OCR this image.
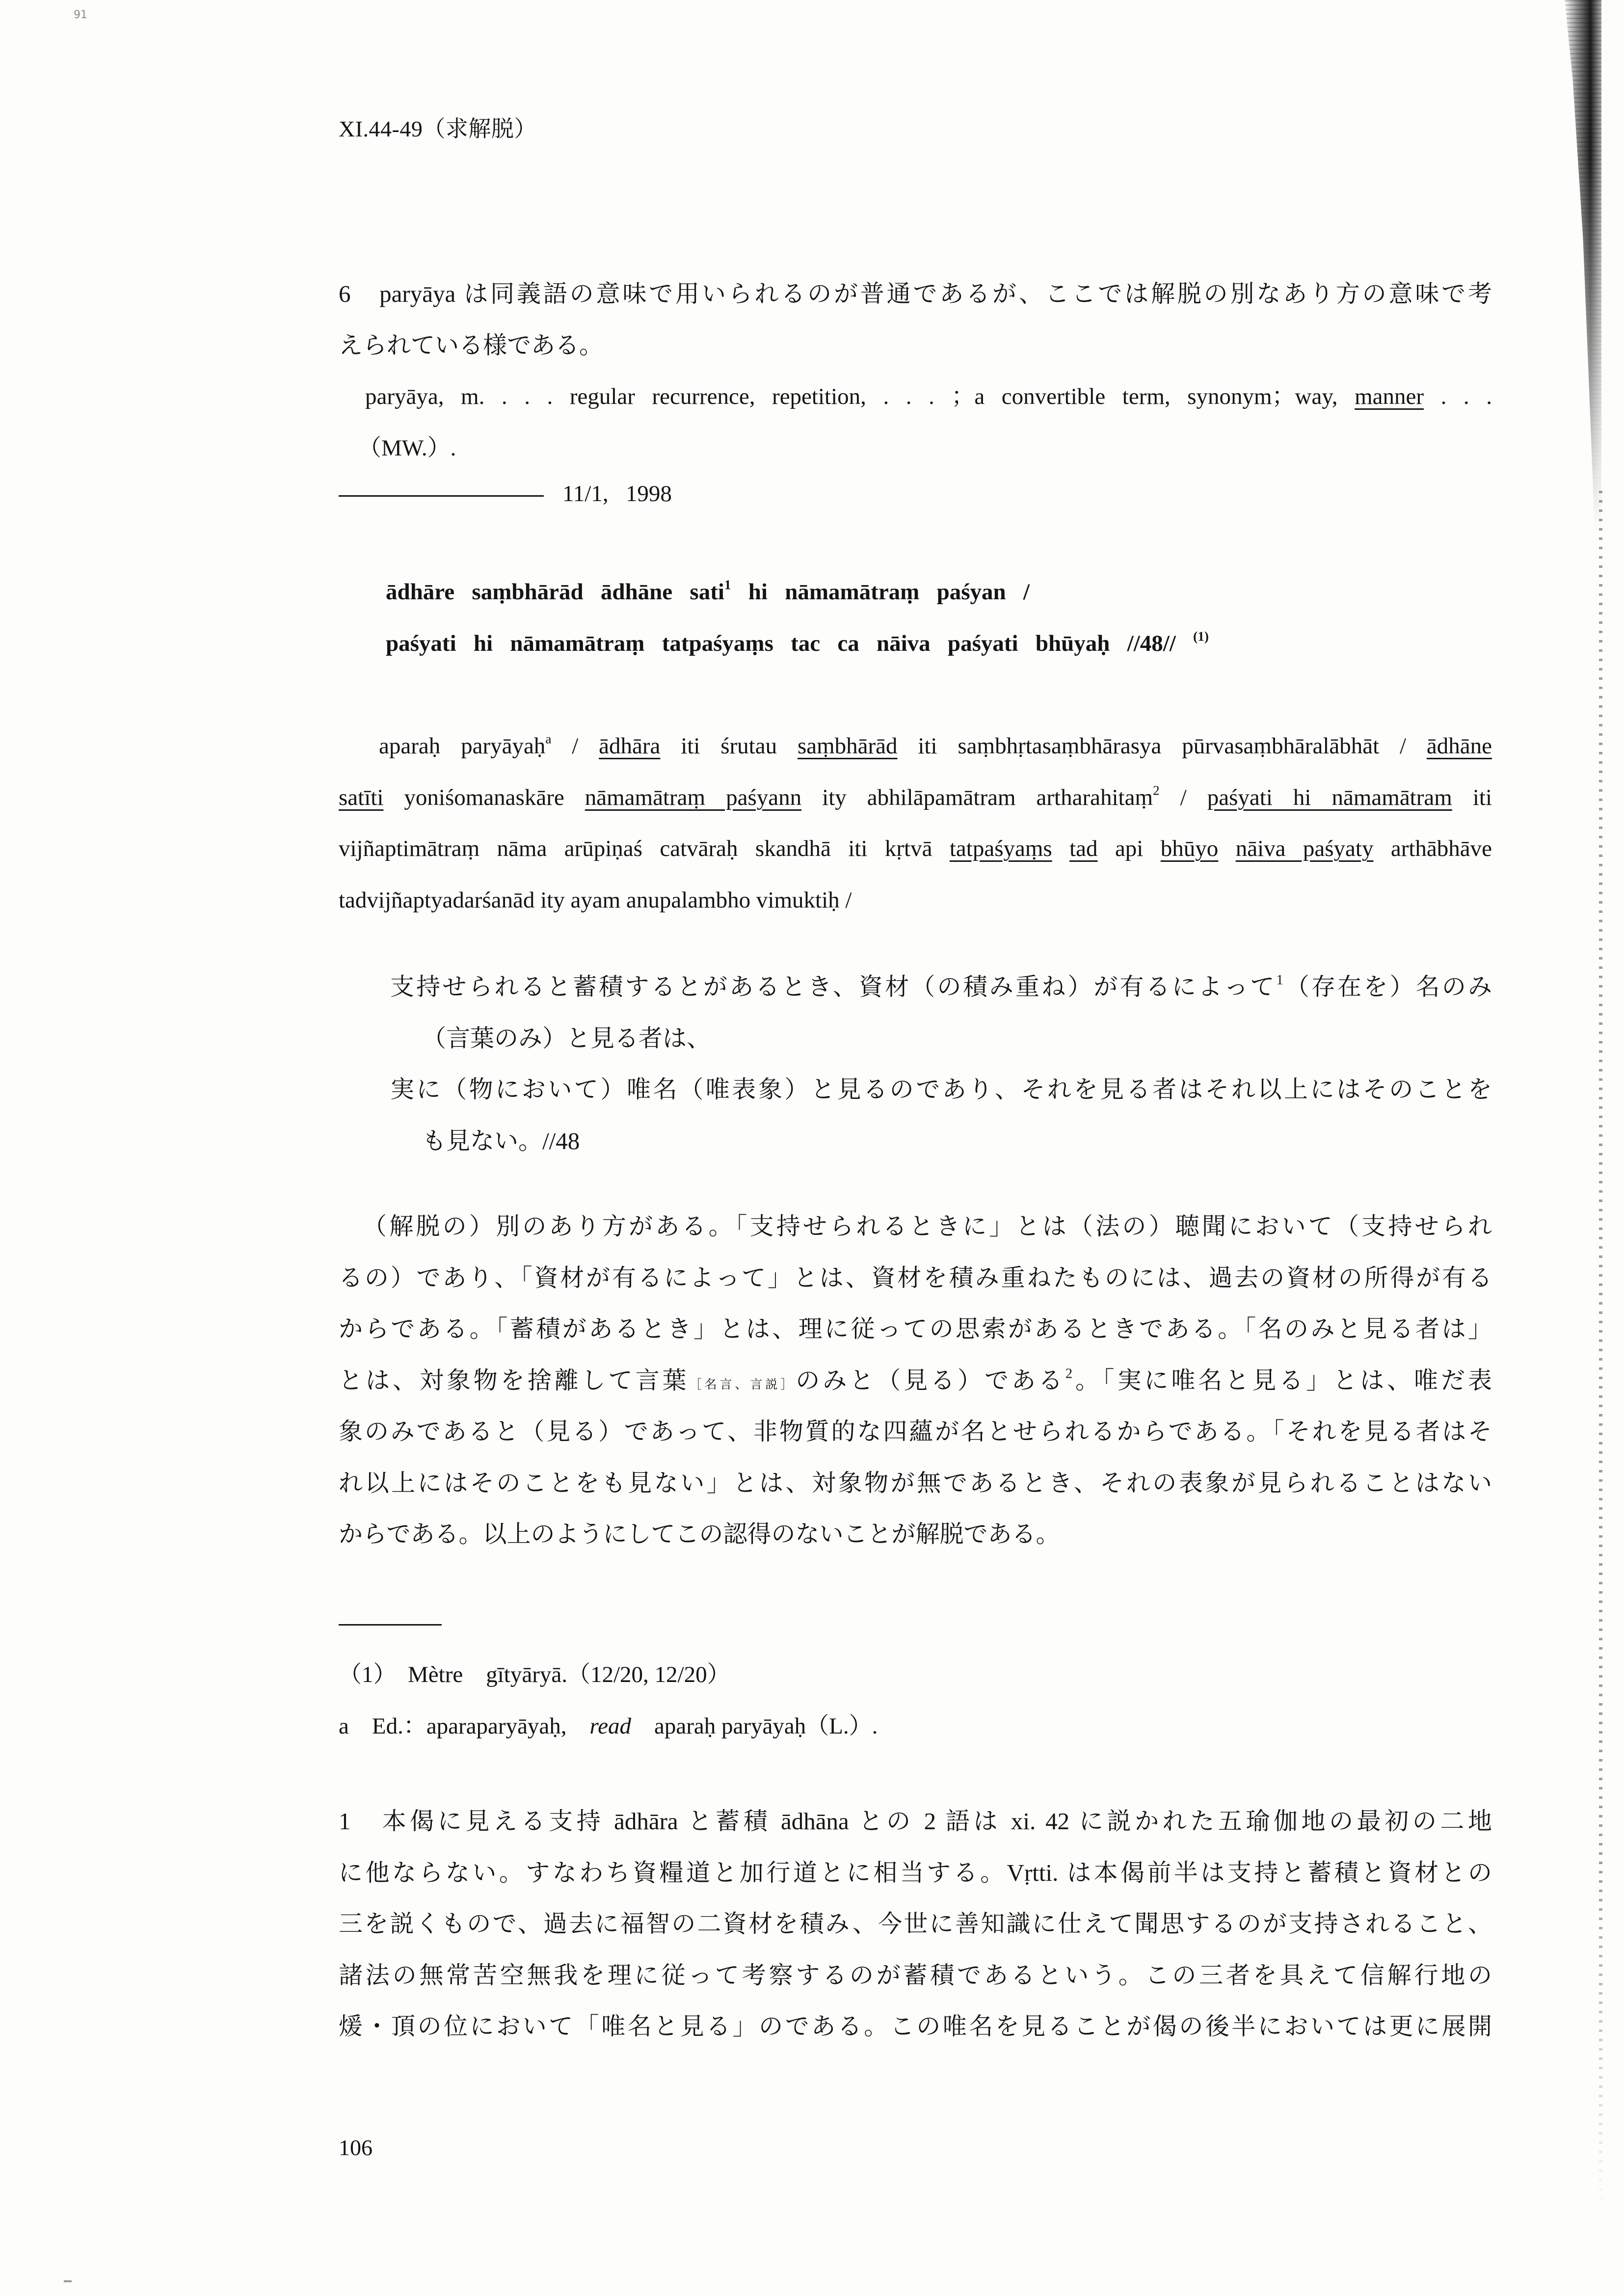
91
XI.44-49（求解脱）
6　paryāya は同義語の意味で用いられるのが普通であるが、ここでは解脱の別なあり方の意味で考
えられている様である。
paryāya, m. . . . regular recurrence, repetition, . . . ；a convertible term, synonym；way, manner . . .
（MW.）.
11/1, 1998
ādhāre saṃbhārād ādhāne sati$^1$ hi nāmamātraṃ paśyan /
paśyati hi nāmamātraṃ tatpaśyaṃs tac ca nāiva paśyati bhūyaḥ //48// $^{(1)}$
aparaḥ paryāyaḥ$^a$ / ādhāra iti śrutau saṃbhārād iti saṃbhṛtasaṃbhārasya pūrvasaṃbhāralābhāt / ādhāne
satīti yoniśomanaskāre nāmamātraṃ paśyann ity abhilāpamātram artharahitaṃ$^2$ / paśyati hi nāmamātram iti
vijñaptimātraṃ nāma arūpiṇaś catvāraḥ skandhā iti kṛtvā tatpaśyaṃs tad api bhūyo nāiva paśyaty arthābhāve
tadvijñaptyadarśanād ity ayam anupalambho vimuktiḥ /
支持せられると蓄積するとがあるとき、資材（の積み重ね）が有るによって$^1$（存在を）名のみ
（言葉のみ）と見る者は、
実に（物において）唯名（唯表象）と見るのであり、それを見る者はそれ以上にはそのことを
も見ない。//48
（解脱の）別のあり方がある。「支持せられるときに」とは（法の）聴聞において（支持せられ
るの）であり、「資材が有るによって」とは、資材を積み重ねたものには、過去の資材の所得が有る
からである。「蓄積があるとき」とは、理に従っての思索があるときである。「名のみと見る者は」
とは、対象物を捨離して言葉［名言、言説］のみと（見る）である$^2$。「実に唯名と見る」とは、唯だ表
象のみであると（見る）であって、非物質的な四蘊が名とせられるからである。「それを見る者はそ
れ以上にはそのことをも見ない」とは、対象物が無であるとき、それの表象が見られることはない
からである。以上のようにしてこの認得のないことが解脱である。
（1）　Mètre　gītyāryā.（12/20, 12/20）
a　Ed.：aparaparyāyaḥ,　read　aparaḥ paryāyaḥ（L.）.
1　本偈に見える支持 ādhāra と蓄積 ādhāna との 2 語は xi. 42 に説かれた五瑜伽地の最初の二地
に他ならない。すなわち資糧道と加行道とに相当する。Vṛtti. は本偈前半は支持と蓄積と資材との
三を説くもので、過去に福智の二資材を積み、今世に善知識に仕えて聞思するのが支持されること、
諸法の無常苦空無我を理に従って考察するのが蓄積であるという。この三者を具えて信解行地の
煖・頂の位において「唯名と見る」のである。この唯名を見ることが偈の後半においては更に展開
106
